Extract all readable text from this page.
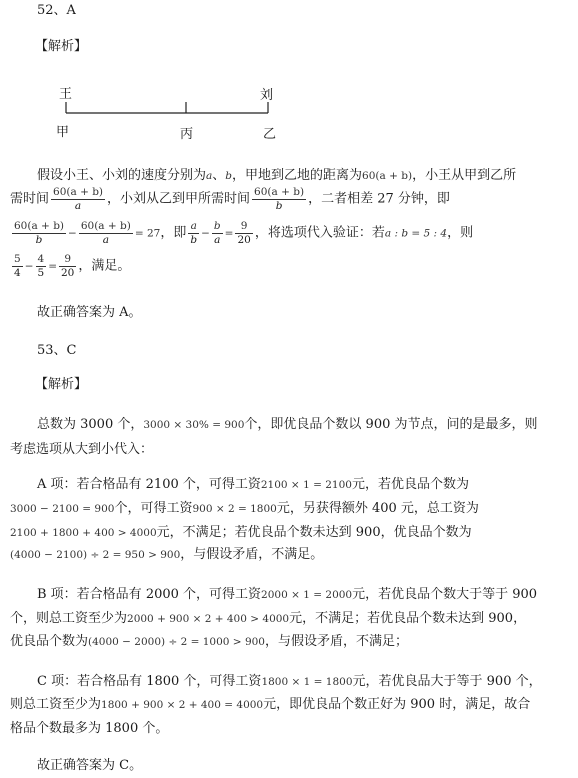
52、A
【解析】
王	刘
甲	丙	乙
假设小王、小刘的速度分别为a、b，甲地到乙地的距离为60(a + b)，小王从甲到乙所
需时间 $\frac{60(a + b)}{a}$ ，小刘从乙到甲所需时间 $\frac{60(a + b)}{b}$ ，二者相差 27 分钟，即
$\frac{60(a + b)}{b} - \frac{60(a + b)}{a} = 27$，即 $\frac{a}{b} - \frac{b}{a} = \frac{9}{20}$ ，将选项代入验证：若a : b = 5 : 4，则
$\frac{5}{4} - \frac{4}{5} = \frac{9}{20}$ ，满足。
故正确答案为 A。
53、C
【解析】
总数为 3000 个，3000 × 30% = 900个，即优良品个数以 900 为节点，问的是最多，则
考虑选项从大到小代入：
A 项：若合格品有 2100 个，可得工资2100 × 1 = 2100元，若优良品个数为
3000 − 2100 = 900个，可得工资900 × 2 = 1800元，另获得额外 400 元，总工资为
2100 + 1800 + 400 > 4000元，不满足；若优良品个数未达到 900，优良品个数为
(4000 − 2100) ÷ 2 = 950 > 900，与假设矛盾，不满足。
B 项：若合格品有 2000 个，可得工资2000 × 1 = 2000元，若优良品个数大于等于 900
个，则总工资至少为2000 + 900 × 2 + 400 > 4000元，不满足；若优良品个数未达到 900，
优良品个数为(4000 − 2000) ÷ 2 = 1000 > 900，与假设矛盾，不满足；
C 项：若合格品有 1800 个，可得工资1800 × 1 = 1800元，若优良品大于等于 900 个，
则总工资至少为1800 + 900 × 2 + 400 = 4000元，即优良品个数正好为 900 时，满足，故合
格品个数最多为 1800 个。
故正确答案为 C。
